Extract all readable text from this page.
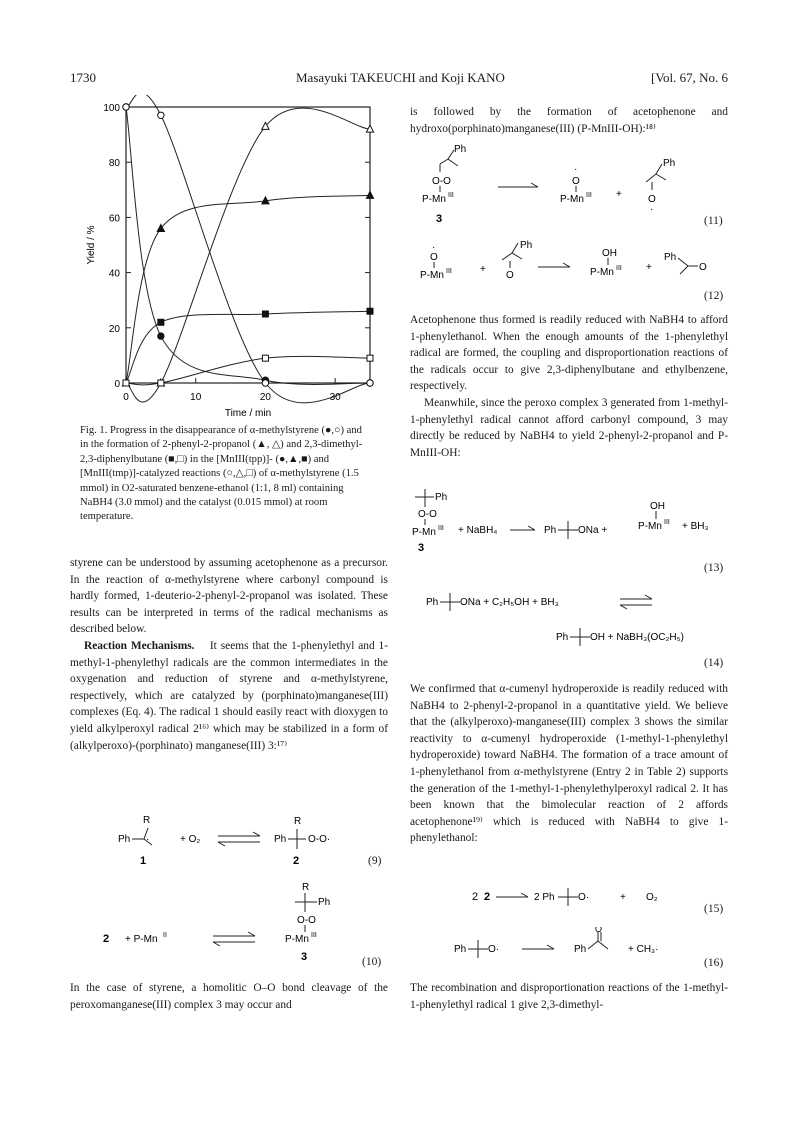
1730	Masayuki TAKEUCHI and Koji KANO	[Vol. 67, No. 6
0
20
40
60
80
100
0	10	20	30
Time / min
Yield / %
Fig. 1. Progress in the disappearance of α-methylstyrene (●,○) and in the formation of 2-phenyl-2-propanol (▲, △) and 2,3-dimethyl-2,3-diphenylbutane (■,□) in the [MnIII(tpp)]- (●,▲,■) and [MnIII(tmp)]-catalyzed reactions (○,△,□) of α-methylstyrene (1.5 mmol) in O2-saturated benzene-ethanol (1:1, 8 ml) containing NaBH4 (3.0 mmol) and the catalyst (0.015 mmol) at room temperature.

styrene can be understood by assuming acetophenone as a precursor. In the reaction of α-methylstyrene where carbonyl compound is hardly formed, 1-deuterio-2-phenyl-2-propanol was isolated. These results can be interpreted in terms of the radical mechanisms as described below.

Reaction Mechanisms. It seems that the 1-phenylethyl and 1-methyl-1-phenylethyl radicals are the common intermediates in the oxygenation and reduction of styrene and α-methylstyrene, respectively, which are catalyzed by (porphinato)manganese(III) complexes (Eq. 4). The radical 1 should easily react with dioxygen to yield alkylperoxyl radical 2¹⁶⁾ which may be stabilized in a form of (alkylperoxo)-(porphinato) manganese(III) 3:¹⁷⁾

Ph
R
·	+ O₂	Ph
R
O-O·
1	2	(9)
2 + P-Mn II
R
Ph
O-O
P-Mn III
3	(10)

In the case of styrene, a homolitic O–O bond cleavage of the peroxomanganese(III) complex 3 may occur and

is followed by the formation of acetophenone and hydroxo(porphinato)manganese(III) (P-MnIII-OH):¹⁸⁾
Ph
O-O
P-Mn III
3
·
O
P-Mn III +
Ph
O
·
(11)
·
O
P-Mn III	+
Ph
O
OH
P-Mn III +
Ph
O
(12)

Acetophenone thus formed is readily reduced with NaBH4 to afford 1-phenylethanol. When the enough amounts of the 1-phenylethyl radical are formed, the coupling and disproportionation reactions of the radicals occur to give 2,3-diphenylbutane and ethylbenzene, respectively.

Meanwhile, since the peroxo complex 3 generated from 1-methyl-1-phenylethyl radical cannot afford carbonyl compound, 3 may directly be reduced by NaBH4 to yield 2-phenyl-2-propanol and P-MnIII-OH:

Ph
O-O
P-Mn III + NaBH₄	Ph ONa +
OH
P-Mn III + BH₃
3
(13)
Ph ONa + C₂H₅OH + BH₃
Ph OH + NaBH₃(OC₂H₅)
(14)
We confirmed that α-cumenyl hydroperoxide is readily reduced with NaBH4 to 2-phenyl-2-propanol in a quantitative yield. We believe that the (alkylperoxo)-manganese(III) complex 3 shows the similar reactivity to α-cumenyl hydroperoxide (1-methyl-1-phenylethyl hydroperoxide) toward NaBH4. The formation of a trace amount of 1-phenylethanol from α-methylstyrene (Entry 2 in Table 2) supports the generation of the 1-methyl-1-phenylethylperoxyl radical 2. It has been known that the bimolecular reaction of 2 affords acetophenone¹⁹⁾ which is reduced with NaBH4 to give 1-phenylethanol:
2 2	2 Ph O·	+ O₂
(15)
Ph O·	Ph
O
+ CH₃·
(16)
The recombination and disproportionation reactions of the 1-methyl-1-phenylethyl radical 1 give 2,3-dimethyl-
